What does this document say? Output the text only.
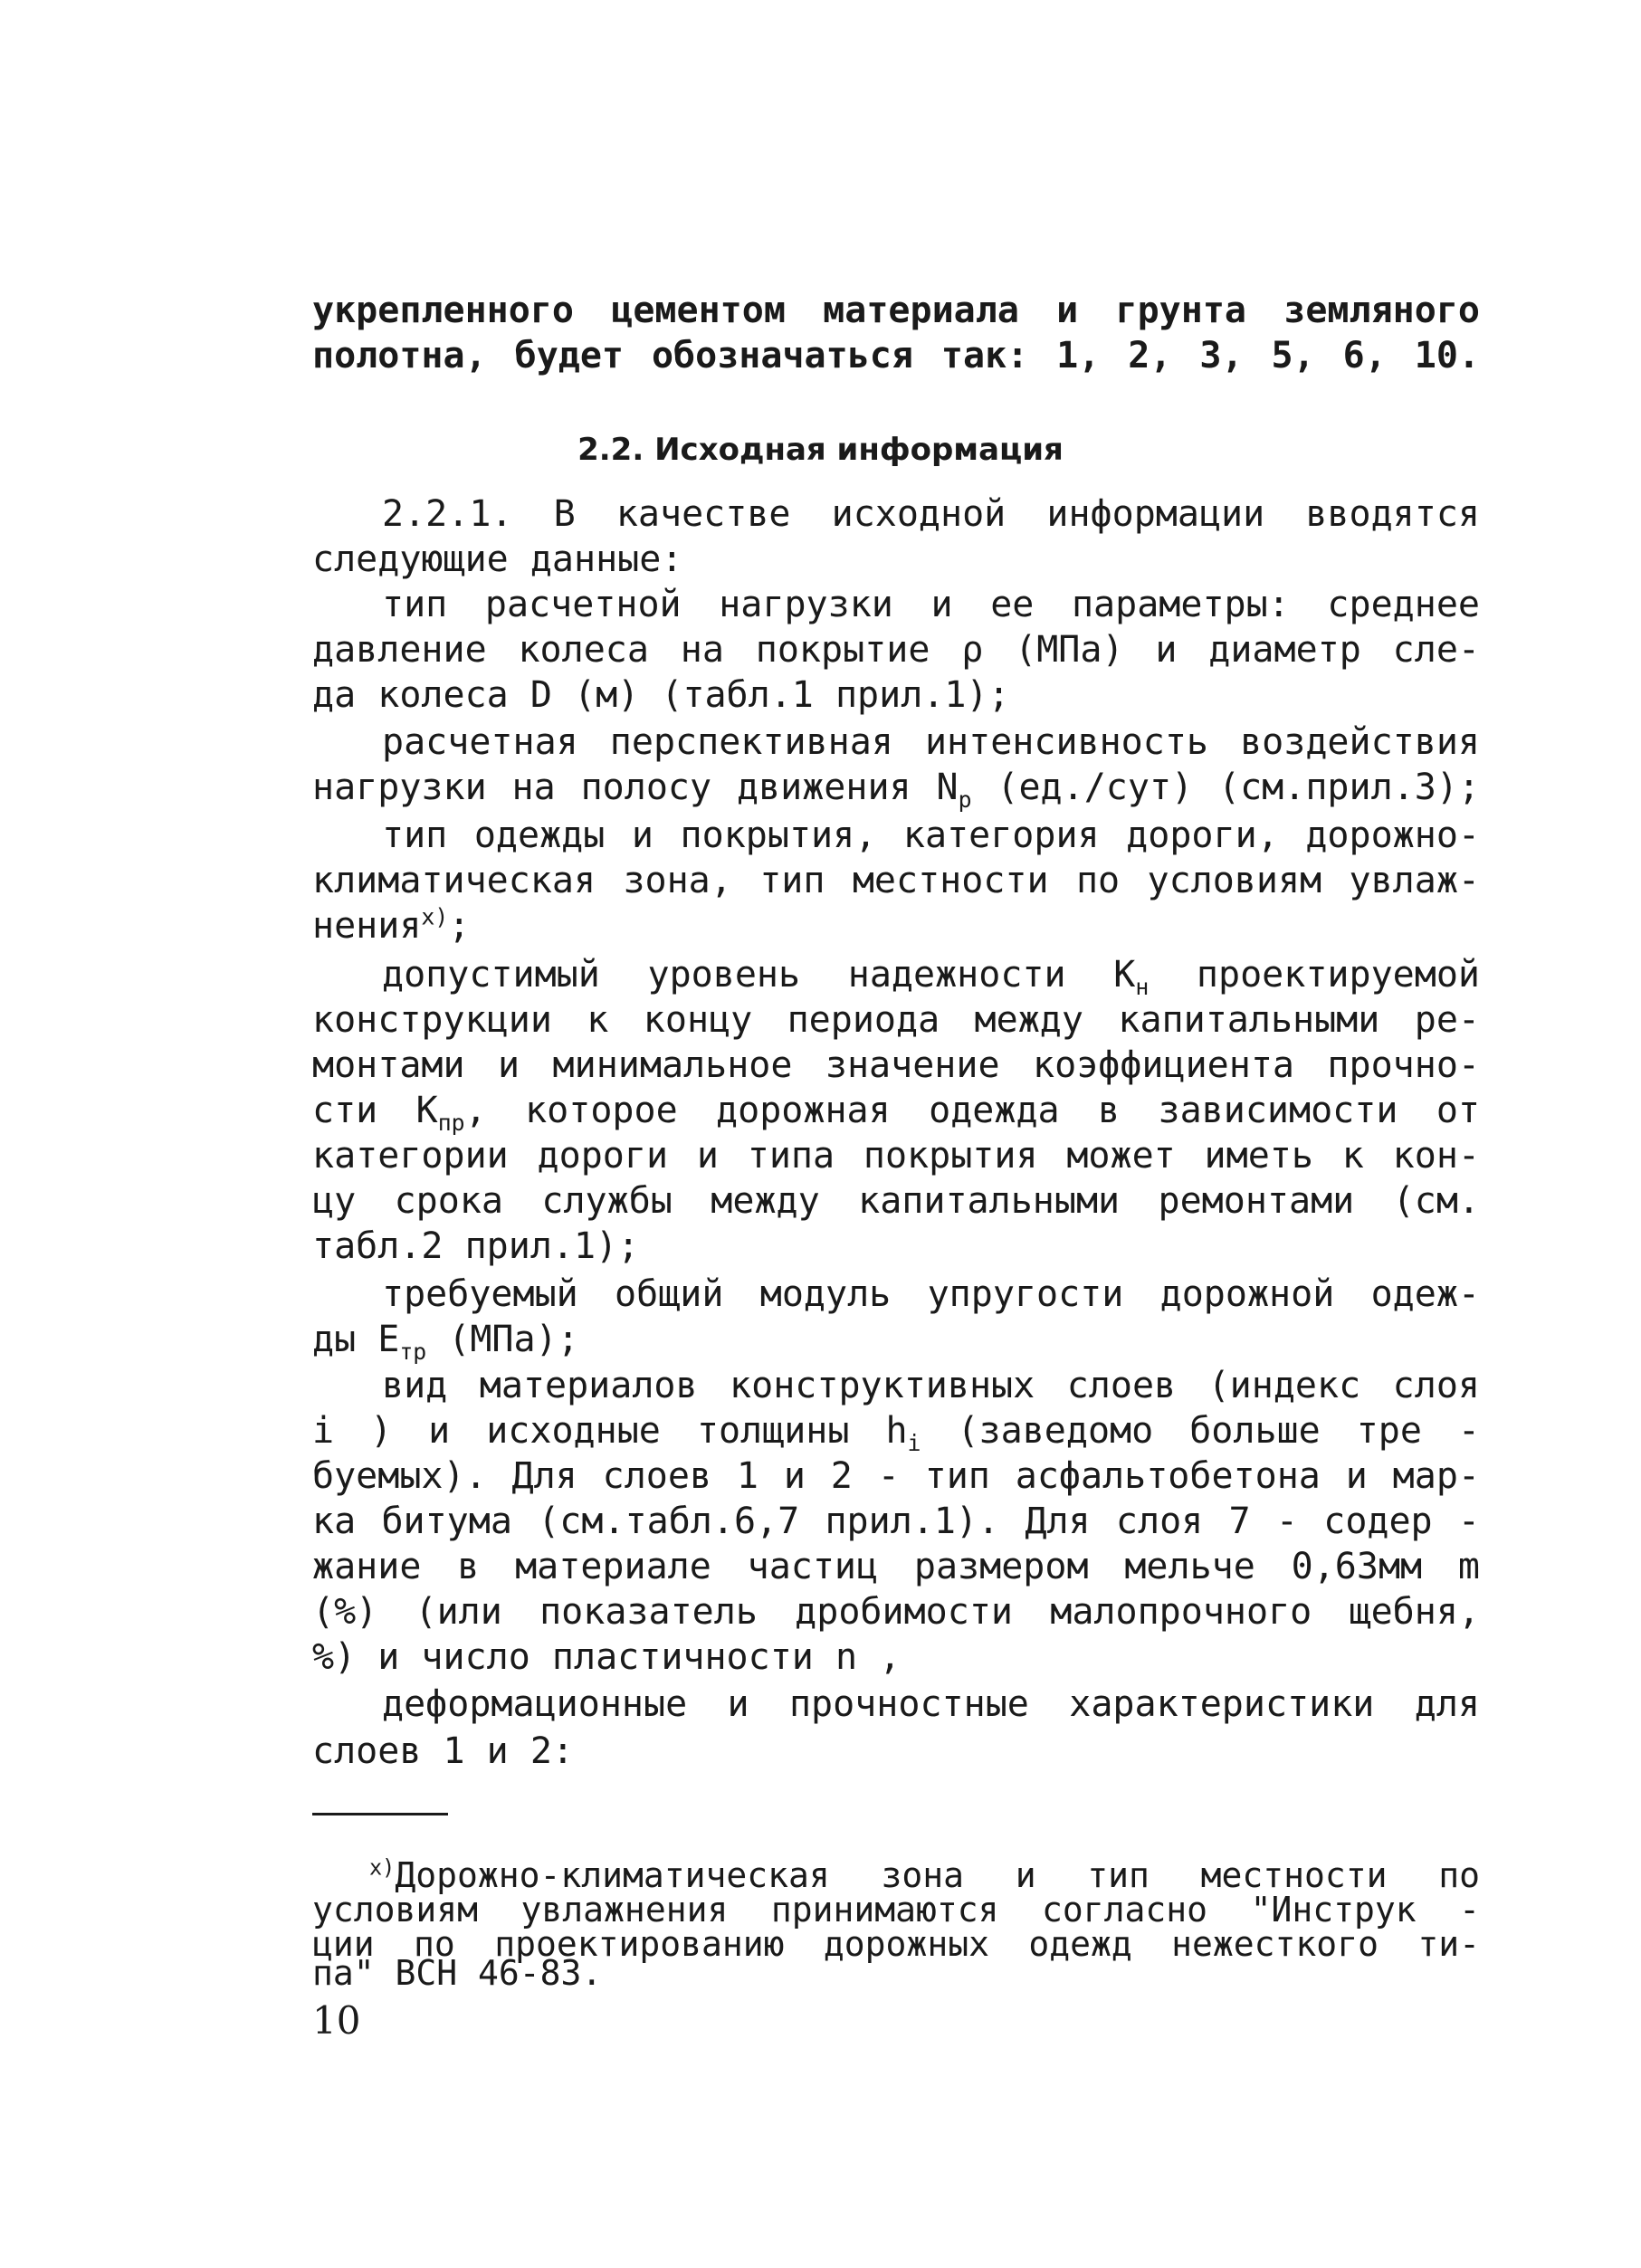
укрепленного цементом материала и грунта земляного
полотна, будет обозначаться так: 1, 2, 3, 5, 6, 10.
2.2. Исходная информация
2.2.1. В качестве исходной информации вводятся
следующие данные:
тип расчетной нагрузки и ее параметры: среднее
давление колеса на покрытие ρ (МПа) и диаметр сле-
да колеса D (м) (табл.1 прил.1);
расчетная перспективная интенсивность воздействия
нагрузки на полосу движения $N_р$ (ед./сут) (см.прил.3);
тип одежды и покрытия, категория дороги, дорожно-
климатическая зона, тип местности по условиям увлаж-
нения$^{x)}$;
допустимый уровень надежности $К_н$ проектируемой
конструкции к концу периода между капитальными ре-
монтами и минимальное значение коэффициента прочно-
сти $К_{пр}$, которое дорожная одежда в зависимости от
категории дороги и типа покрытия может иметь к кон-
цу срока службы между капитальными ремонтами (см.
табл.2 прил.1);
требуемый общий модуль упругости дорожной одеж-
ды $Е_{тр}$ (МПа);
вид материалов конструктивных слоев (индекс слоя
i ) и исходные толщины $h_i$ (заведомо больше тре -
буемых). Для слоев 1 и 2 - тип асфальтобетона и мар-
ка битума (см.табл.6,7 прил.1). Для слоя 7 - содер -
жание в материале частиц размером мельче 0,63мм m
(%) (или показатель дробимости малопрочного щебня,
%) и число пластичности n ,
деформационные и прочностные характеристики для
слоев 1 и 2:
$^{x)}$Дорожно-климатическая зона и тип местности по
условиям увлажнения принимаются согласно "Инструк -
ции по проектированию дорожных одежд нежесткого ти-
па" ВСН 46-83.
10
